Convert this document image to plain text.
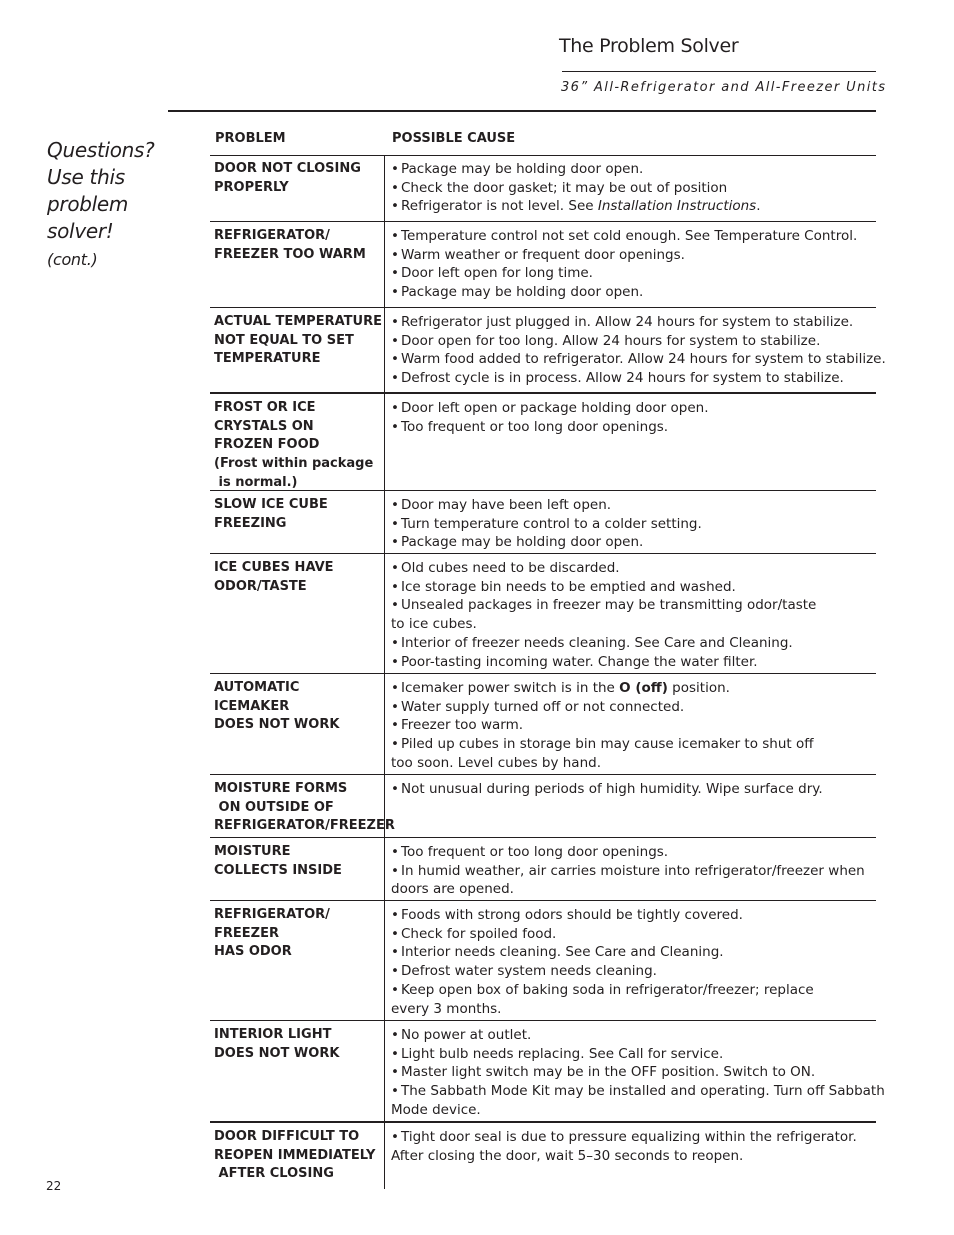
The Problem Solver
36” All-Refrigerator and All-Freezer Units
Questions?
Use this
problem
solver!
(cont.)
PROBLEM	POSSIBLE CAUSE
DOOR NOT CLOSING
PROPERLY
• Package may be holding door open.
• Check the door gasket; it may be out of position
• Refrigerator is not level. See Installation Instructions.
REFRIGERATOR/
FREEZER TOO WARM
• Temperature control not set cold enough. See Temperature Control.
• Warm weather or frequent door openings.
• Door left open for long time.
• Package may be holding door open.
ACTUAL TEMPERATURE
NOT EQUAL TO SET
TEMPERATURE
• Refrigerator just plugged in. Allow 24 hours for system to stabilize.
• Door open for too long. Allow 24 hours for system to stabilize.
• Warm food added to refrigerator. Allow 24 hours for system to stabilize.
• Defrost cycle is in process. Allow 24 hours for system to stabilize.
FROST OR ICE
CRYSTALS ON
FROZEN FOOD
(Frost within package
is normal.)
• Door left open or package holding door open.
• Too frequent or too long door openings.
SLOW ICE CUBE
FREEZING
• Door may have been left open.
• Turn temperature control to a colder setting.
• Package may be holding door open.
ICE CUBES HAVE
ODOR/TASTE
• Old cubes need to be discarded.
• Ice storage bin needs to be emptied and washed.
• Unsealed packages in freezer may be transmitting odor/taste
to ice cubes.
• Interior of freezer needs cleaning. See Care and Cleaning.
• Poor-tasting incoming water. Change the water filter.
AUTOMATIC
ICEMAKER
DOES NOT WORK
• Icemaker power switch is in the O (off) position.
• Water supply turned off or not connected.
• Freezer too warm.
• Piled up cubes in storage bin may cause icemaker to shut off
too soon. Level cubes by hand.
MOISTURE FORMS
ON OUTSIDE OF
REFRIGERATOR/FREEZER
• Not unusual during periods of high humidity. Wipe surface dry.
MOISTURE
COLLECTS INSIDE
• Too frequent or too long door openings.
• In humid weather, air carries moisture into refrigerator/freezer when
doors are opened.
REFRIGERATOR/
FREEZER
HAS ODOR
• Foods with strong odors should be tightly covered.
• Check for spoiled food.
• Interior needs cleaning. See Care and Cleaning.
• Defrost water system needs cleaning.
• Keep open box of baking soda in refrigerator/freezer; replace
every 3 months.
INTERIOR LIGHT
DOES NOT WORK
• No power at outlet.
• Light bulb needs replacing. See Call for service.
• Master light switch may be in the OFF position. Switch to ON.
• The Sabbath Mode Kit may be installed and operating. Turn off Sabbath
Mode device.
DOOR DIFFICULT TO
REOPEN IMMEDIATELY
AFTER CLOSING
• Tight door seal is due to pressure equalizing within the refrigerator.
After closing the door, wait 5–30 seconds to reopen.
22
